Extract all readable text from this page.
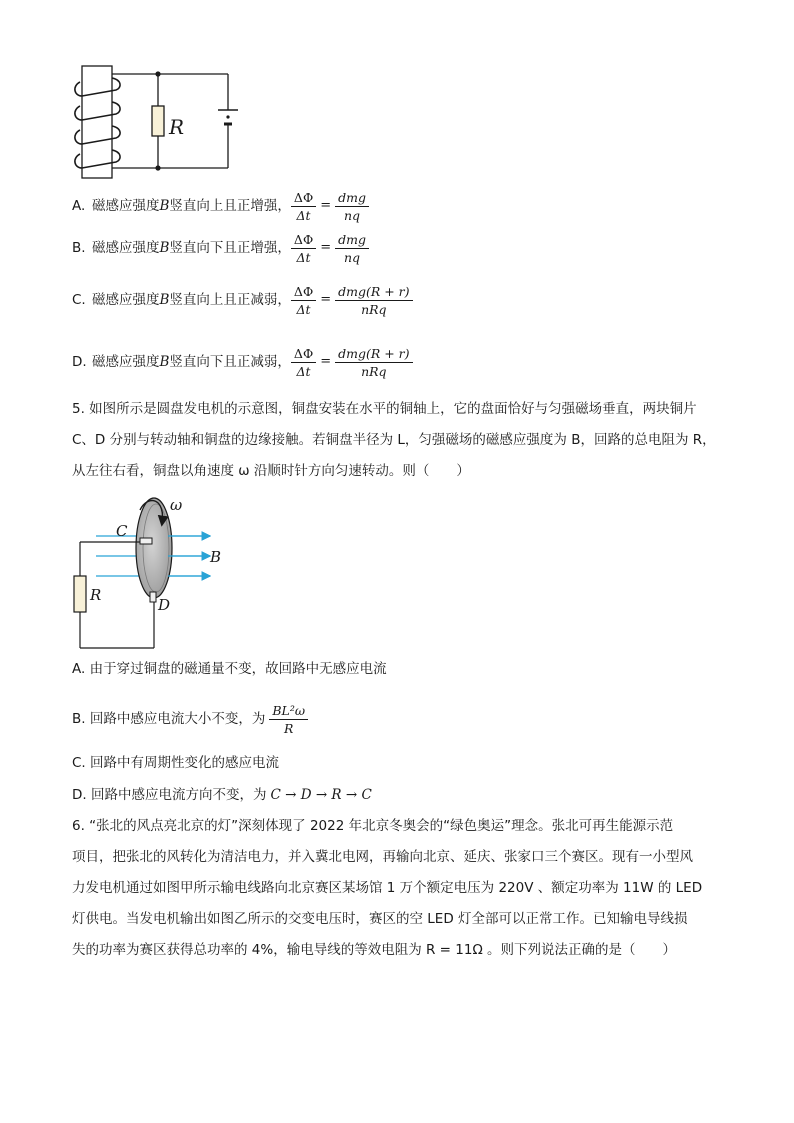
R
A. 磁感应强度 B 竖直向上且正增强， $\frac{\Delta\Phi}{\Delta t} = \frac{\text{dmg}}{nq}$
B. 磁感应强度 B 竖直向下且正增强， $\frac{\Delta\Phi}{\Delta t} = \frac{\text{dmg}}{nq}$
C. 磁感应强度 B 竖直向上且正减弱， $\frac{\Delta\Phi}{\Delta t} = \frac{\text{dmg(R + r)}}{\text{nRq}}$
D. 磁感应强度 B 竖直向下且正减弱， $\frac{\Delta\Phi}{\Delta t} = \frac{\text{dmg(R + r)}}{\text{nRq}}$
5. 如图所示是圆盘发电机的示意图，铜盘安装在水平的铜轴上，它的盘面恰好与匀强磁场垂直，两块铜片
C、D 分别与转动轴和铜盘的边缘接触。若铜盘半径为 L，匀强磁场的磁感应强度为 B，回路的总电阻为 R，
从左往右看，铜盘以角速度 ω 沿顺时针方向匀速转动。则（　　）
R
ω
C
B
D
A. 由于穿过铜盘的磁通量不变，故回路中无感应电流
B. 回路中感应电流大小不变，为 $\frac{\text{BL²ω}}{R}$
C. 回路中有周期性变化的感应电流
D. 回路中感应电流方向不变，为 C → D → R → C
6. “张北的风点亮北京的灯”深刻体现了 2022 年北京冬奥会的“绿色奥运”理念。张北可再生能源示范
项目，把张北的风转化为清洁电力，并入冀北电网，再输向北京、延庆、张家口三个赛区。现有一小型风
力发电机通过如图甲所示输电线路向北京赛区某场馆 1 万个额定电压为 220V 、额定功率为 11W 的 LED
灯供电。当发电机输出如图乙所示的交变电压时，赛区的空 LED 灯全部可以正常工作。已知输电导线损
失的功率为赛区获得总功率的 4%，输电导线的等效电阻为 R = 11Ω 。则下列说法正确的是（　　）
